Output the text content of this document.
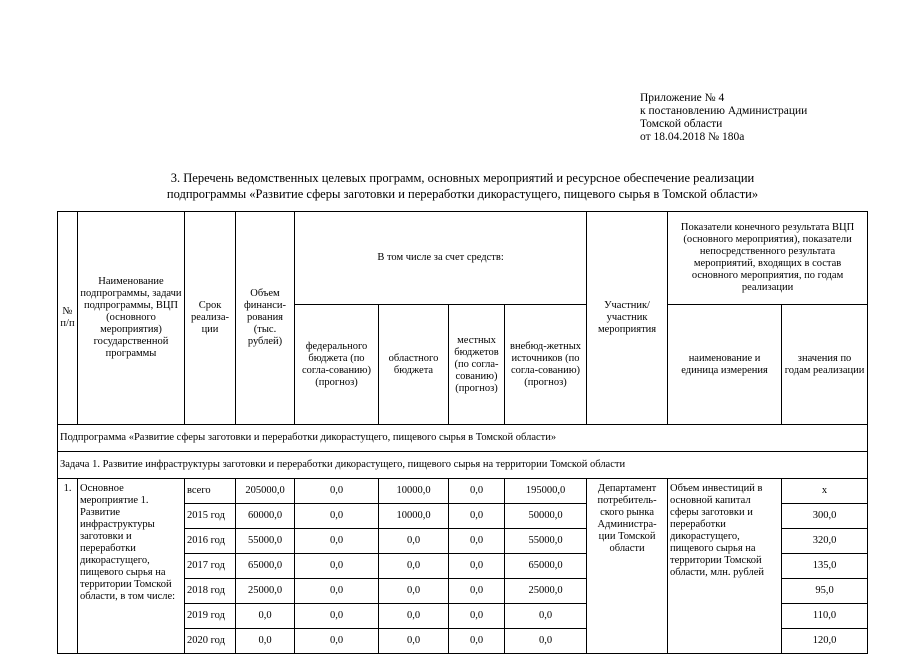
Приложение № 4
к постановлению Администрации
Томской области
от 18.04.2018 № 180а
3. Перечень ведомственных целевых программ, основных мероприятий и ресурсное обеспечение реализации
подпрограммы «Развитие сферы заготовки и переработки дикорастущего, пищевого сырья в Томской области»
№ п/п	Наименование подпрограммы, задачи подпрограммы, ВЦП (основного мероприятия) государственной программы	Срок реализа-ции	Объем финанси-рования (тыс. рублей)	В том числе за счет средств:				Участник/ участник мероприятия	Показатели конечного результата ВЦП (основного мероприятия), показатели непосредственного результата мероприятий, входящих в состав основного мероприятия, по годам реализации	
				федерального бюджета (по согла-сованию) (прогноз)	областного бюджета	местных бюджетов (по согла-сованию) (прогноз)	внебюд-жетных источников (по согла-сованию) (прогноз)		наименование и единица измерения	значения по годам реализации
Подпрограмма «Развитие сферы заготовки и переработки дикорастущего, пищевого сырья в Томской области»										
Задача 1. Развитие инфраструктуры заготовки и переработки дикорастущего, пищевого сырья на территории Томской области										
1.	Основное мероприятие 1. Развитие инфраструктуры заготовки и переработки дикорастущего, пищевого сырья на территории Томской области, в том числе:	всего	205000,0	0,0	10000,0	0,0	195000,0	Департамент потребитель-ского рынка Администра-ции Томской области	Объем инвестиций в основной капитал сферы заготовки и переработки дикорастущего, пищевого сырья на территории Томской области, млн. рублей	x
		2015 год	60000,0	0,0	10000,0	0,0	50000,0			300,0
		2016 год	55000,0	0,0	0,0	0,0	55000,0			320,0
		2017 год	65000,0	0,0	0,0	0,0	65000,0			135,0
		2018 год	25000,0	0,0	0,0	0,0	25000,0			95,0
		2019 год	0,0	0,0	0,0	0,0	0,0			110,0
		2020 год	0,0	0,0	0,0	0,0	0,0			120,0
